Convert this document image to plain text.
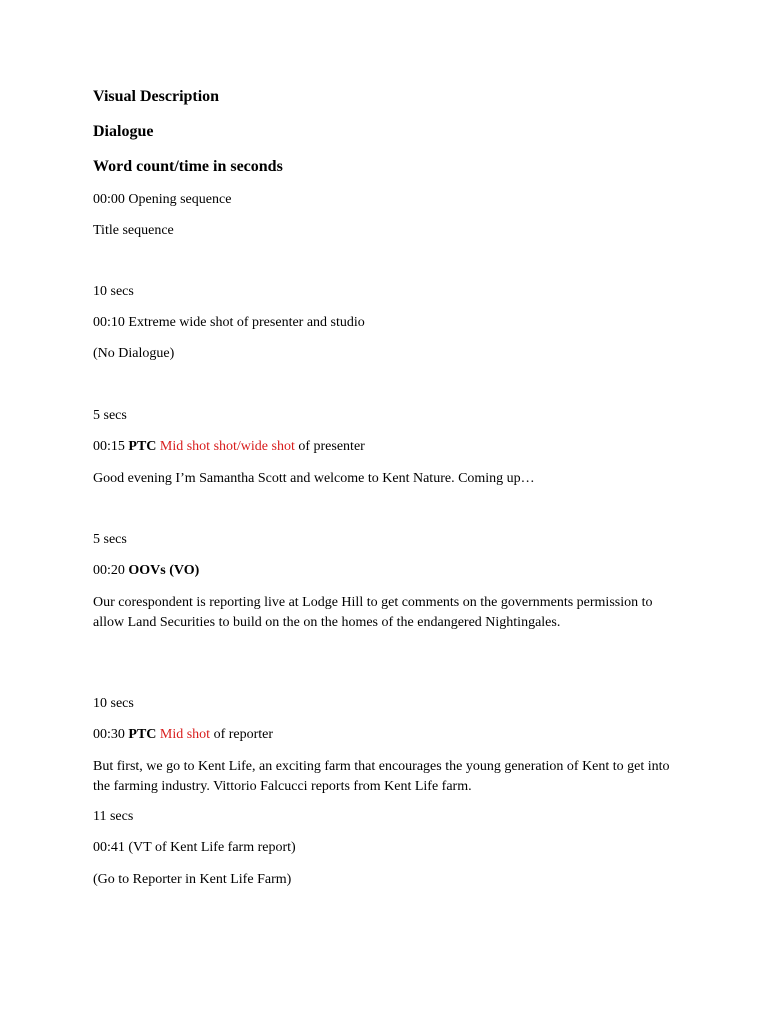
Visual Description

Dialogue

Word count/time in seconds

00:00 Opening sequence

Title sequence

10 secs

00:10 Extreme wide shot of presenter and studio

(No Dialogue)

5 secs

00:15 PTC Mid shot shot/wide shot of presenter

Good evening I’m Samantha Scott and welcome to Kent Nature. Coming up…

5 secs

00:20 OOVs (VO)

Our corespondent is reporting live at Lodge Hill to get comments on the governments permission to allow Land Securities to build on the on the homes of the endangered Nightingales.

10 secs

00:30 PTC Mid shot of reporter

But first, we go to Kent Life, an exciting farm that encourages the young generation of Kent to get into the farming industry. Vittorio Falcucci reports from Kent Life farm.

11 secs

00:41 (VT of Kent Life farm report)

(Go to Reporter in Kent Life Farm)
